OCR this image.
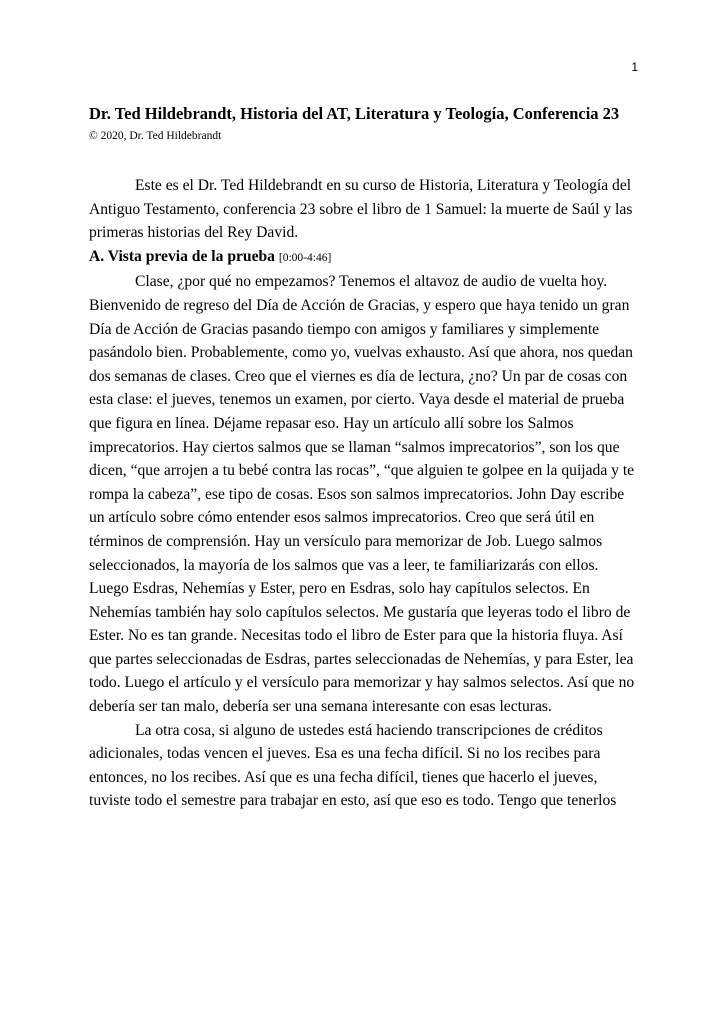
1
Dr. Ted Hildebrandt, Historia del AT, Literatura y Teología, Conferencia 23
© 2020, Dr. Ted Hildebrandt

Este es el Dr. Ted Hildebrandt en su curso de Historia, Literatura y Teología del Antiguo Testamento, conferencia 23 sobre el libro de 1 Samuel: la muerte de Saúl y las primeras historias del Rey David.

A. Vista previa de la prueba [0:00-4:46]

Clase, ¿por qué no empezamos? Tenemos el altavoz de audio de vuelta hoy. Bienvenido de regreso del Día de Acción de Gracias, y espero que haya tenido un gran Día de Acción de Gracias pasando tiempo con amigos y familiares y simplemente pasándolo bien. Probablemente, como yo, vuelvas exhausto. Así que ahora, nos quedan dos semanas de clases. Creo que el viernes es día de lectura, ¿no? Un par de cosas con esta clase: el jueves, tenemos un examen, por cierto. Vaya desde el material de prueba que figura en línea. Déjame repasar eso. Hay un artículo allí sobre los Salmos imprecatorios. Hay ciertos salmos que se llaman “salmos imprecatorios”, son los que dicen, “que arrojen a tu bebé contra las rocas”, “que alguien te golpee en la quijada y te rompa la cabeza”, ese tipo de cosas. Esos son salmos imprecatorios. John Day escribe un artículo sobre cómo entender esos salmos imprecatorios. Creo que será útil en términos de comprensión. Hay un versículo para memorizar de Job. Luego salmos seleccionados, la mayoría de los salmos que vas a leer, te familiarizarás con ellos. Luego Esdras, Nehemías y Ester, pero en Esdras, solo hay capítulos selectos. En Nehemías también hay solo capítulos selectos. Me gustaría que leyeras todo el libro de Ester. No es tan grande. Necesitas todo el libro de Ester para que la historia fluya. Así que partes seleccionadas de Esdras, partes seleccionadas de Nehemías, y para Ester, lea todo. Luego el artículo y el versículo para memorizar y hay salmos selectos. Así que no debería ser tan malo, debería ser una semana interesante con esas lecturas.

La otra cosa, si alguno de ustedes está haciendo transcripciones de créditos adicionales, todas vencen el jueves. Esa es una fecha difícil. Si no los recibes para entonces, no los recibes. Así que es una fecha difícil, tienes que hacerlo el jueves, tuviste todo el semestre para trabajar en esto, así que eso es todo. Tengo que tenerlos
